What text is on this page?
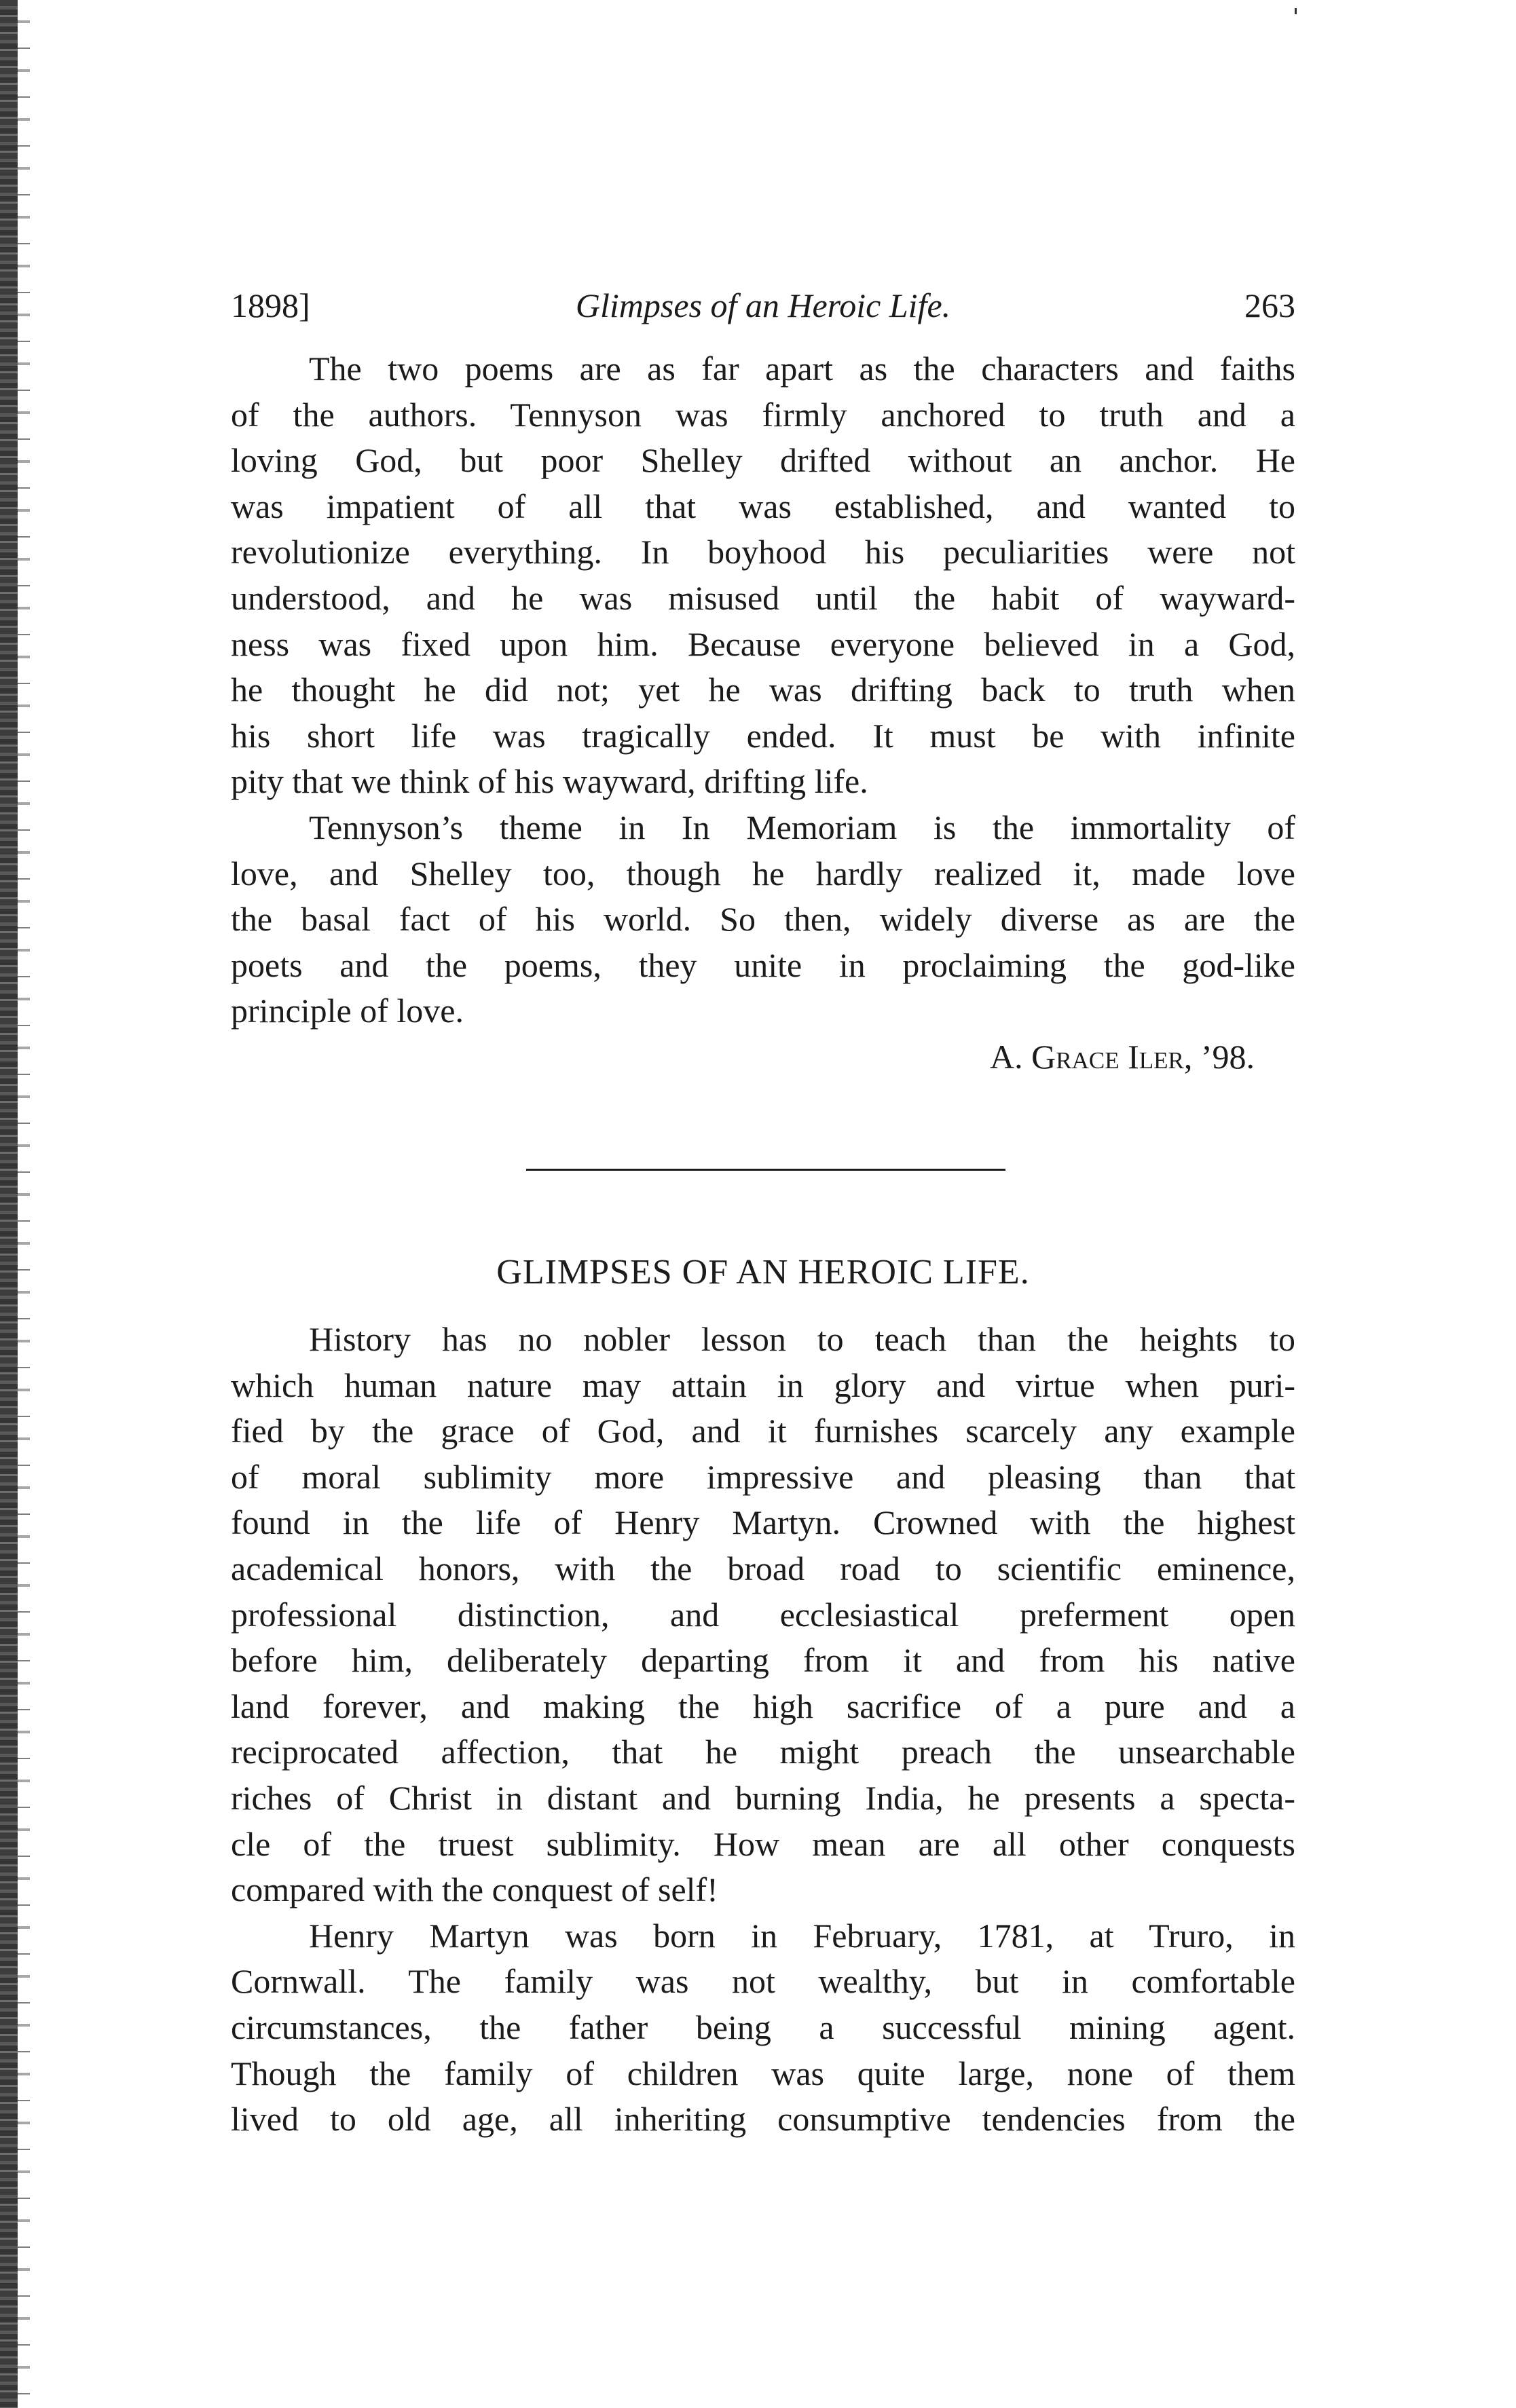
Glimpses of an Heroic Life.
1898]	263
The two poems are as far apart as the characters and faiths
of the authors. Tennyson was firmly anchored to truth and a
loving God, but poor Shelley drifted without an anchor. He
was impatient of all that was established, and wanted to
revolutionize everything. In boyhood his peculiarities were not
understood, and he was misused until the habit of wayward-
ness was fixed upon him. Because everyone believed in a God,
he thought he did not; yet he was drifting back to truth when
his short life was tragically ended. It must be with infinite
pity that we think of his wayward, drifting life.
Tennyson’s theme in In Memoriam is the immortality of
love, and Shelley too, though he hardly realized it, made love
the basal fact of his world. So then, widely diverse as are the
poets and the poems, they unite in proclaiming the god-like
principle of love.
A. Grace Iler, ’98.
GLIMPSES OF AN HEROIC LIFE.
History has no nobler lesson to teach than the heights to
which human nature may attain in glory and virtue when puri-
fied by the grace of God, and it furnishes scarcely any example
of moral sublimity more impressive and pleasing than that
found in the life of Henry Martyn. Crowned with the highest
academical honors, with the broad road to scientific eminence,
professional distinction, and ecclesiastical preferment open
before him, deliberately departing from it and from his native
land forever, and making the high sacrifice of a pure and a
reciprocated affection, that he might preach the unsearchable
riches of Christ in distant and burning India, he presents a specta-
cle of the truest sublimity. How mean are all other conquests
compared with the conquest of self!
Henry Martyn was born in February, 1781, at Truro, in
Cornwall. The family was not wealthy, but in comfortable
circumstances, the father being a successful mining agent.
Though the family of children was quite large, none of them
lived to old age, all inheriting consumptive tendencies from the
